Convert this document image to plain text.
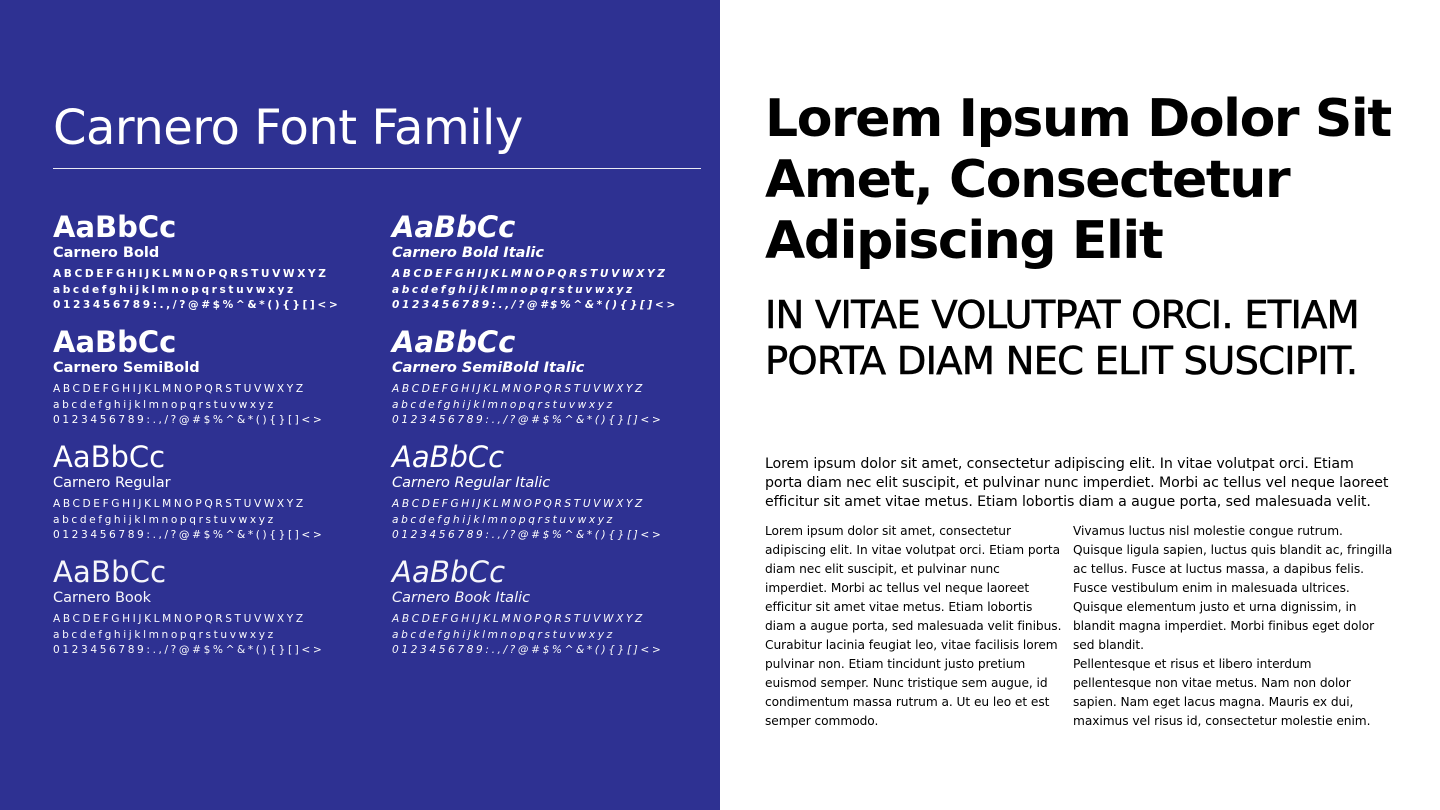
Carnero Font Family
AaBbCc
Carnero Bold
ABCDEFGHIJKLMNOPQRSTUVWXYZ
abcdefghijklmnopqrstuvwxyz
0123456789:.,/?@#$%^&*(){}[]<>
AaBbCc
Carnero Bold Italic
ABCDEFGHIJKLMNOPQRSTUVWXYZ
abcdefghijklmnopqrstuvwxyz
0123456789:.,/?@#$%^&*(){}[]<>
AaBbCc
Carnero SemiBold
ABCDEFGHIJKLMNOPQRSTUVWXYZ
abcdefghijklmnopqrstuvwxyz
0123456789:.,/?@#$%^&*(){}[]<>
AaBbCc
Carnero SemiBold Italic
ABCDEFGHIJKLMNOPQRSTUVWXYZ
abcdefghijklmnopqrstuvwxyz
0123456789:.,/?@#$%^&*(){}[]<>
AaBbCc
Carnero Regular
ABCDEFGHIJKLMNOPQRSTUVWXYZ
abcdefghijklmnopqrstuvwxyz
0123456789:.,/?@#$%^&*(){}[]<>
AaBbCc
Carnero Regular Italic
ABCDEFGHIJKLMNOPQRSTUVWXYZ
abcdefghijklmnopqrstuvwxyz
0123456789:.,/?@#$%^&*(){}[]<>
AaBbCc
Carnero Book
ABCDEFGHIJKLMNOPQRSTUVWXYZ
abcdefghijklmnopqrstuvwxyz
0123456789:.,/?@#$%^&*(){}[]<>
AaBbCc
Carnero Book Italic
ABCDEFGHIJKLMNOPQRSTUVWXYZ
abcdefghijklmnopqrstuvwxyz
0123456789:.,/?@#$%^&*(){}[]<>
Lorem Ipsum Dolor Sit Amet, Consectetur Adipiscing Elit
IN VITAE VOLUTPAT ORCI. ETIAM PORTA DIAM NEC ELIT SUSCIPIT.

Lorem ipsum dolor sit amet, consectetur adipiscing elit. In vitae volutpat orci. Etiam porta diam nec elit suscipit, et pulvinar nunc imperdiet. Morbi ac tellus vel neque laoreet efficitur sit amet vitae metus. Etiam lobortis diam a augue porta, sed malesuada velit.

Lorem ipsum dolor sit amet, consectetur adipiscing elit. In vitae volutpat orci. Etiam porta diam nec elit suscipit, et pulvinar nunc imperdiet. Morbi ac tellus vel neque laoreet efficitur sit amet vitae metus. Etiam lobortis diam a augue porta, sed malesuada velit finibus. Curabitur lacinia feugiat leo, vitae facilisis lorem pulvinar non. Etiam tincidunt justo pretium euismod semper. Nunc tristique sem augue, id condimentum massa rutrum a. Ut eu leo et est semper commodo.

Vivamus luctus nisl molestie congue rutrum. Quisque ligula sapien, luctus quis blandit ac, fringilla ac tellus. Fusce at luctus massa, a dapibus felis. Fusce vestibulum enim in malesuada ultrices. Quisque elementum justo et urna dignissim, in blandit magna imperdiet. Morbi finibus eget dolor sed blandit.

Pellentesque et risus et libero interdum pellentesque non vitae metus. Nam non dolor sapien. Nam eget lacus magna. Mauris ex dui, maximus vel risus id, consectetur molestie enim.
